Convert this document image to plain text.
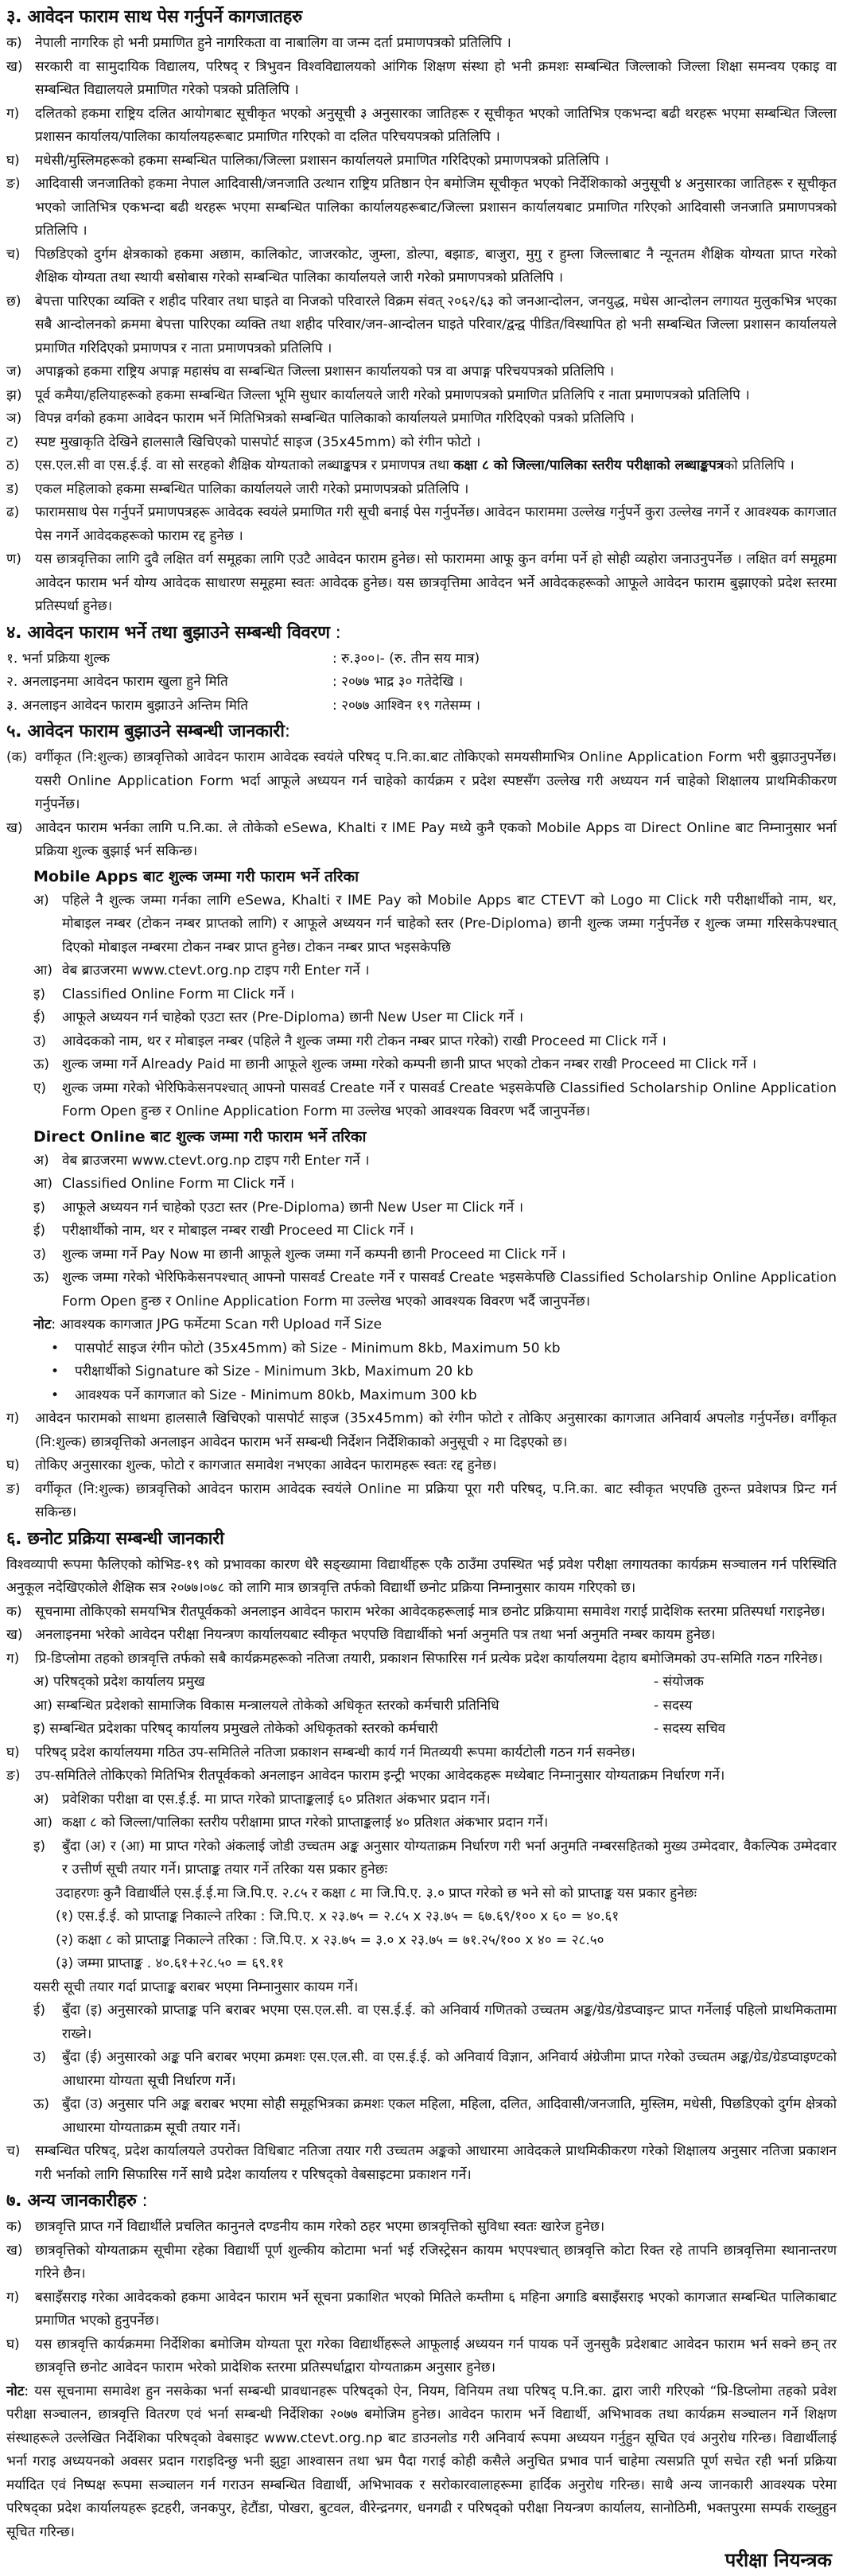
३. आवेदन फाराम साथ पेस गर्नुपर्ने कागजातहरु
क) नेपाली नागरिक हो भनी प्रमाणित हुने नागरिकता वा नाबालिग वा जन्म दर्ता प्रमाणपत्रको प्रतिलिपि ।
ख) सरकारी वा सामुदायिक विद्यालय, परिषद् र त्रिभुवन विश्वविद्यालयको आंगिक शिक्षण संस्था हो भनी क्रमशः सम्बन्धित जिल्लाको जिल्ला शिक्षा समन्वय एकाइ वा सम्बन्धित विद्यालयले प्रमाणित गरेको पत्रको प्रतिलिपि ।
ग)	दलितको हकमा राष्ट्रिय दलित आयोगबाट सूचीकृत भएको अनुसूची ३ अनुसारका जातिहरू र सूचीकृत भएको जातिभित्र एकभन्दा बढी थरहरू भएमा सम्बन्धित जिल्ला प्रशासन कार्यालय/पालिका कार्यालयहरूबाट प्रमाणित गरिएको वा दलित परिचयपत्रको प्रतिलिपि ।
घ)	मधेसी/मुस्लिमहरूको हकमा सम्बन्धित पालिका/जिल्ला प्रशासन कार्यालयले प्रमाणित गरिदिएको प्रमाणपत्रको प्रतिलिपि ।
ङ)	आदिवासी जनजातिको हकमा नेपाल आदिवासी/जनजाति उत्थान राष्ट्रिय प्रतिष्ठान ऐन बमोजिम सूचीकृत भएको निर्देशिकाको अनुसूची ४ अनुसारका जातिहरू र सूचीकृत भएको जातिभित्र एकभन्दा बढी थरहरू भएमा सम्बन्धित पालिका कार्यालयहरूबाट/जिल्ला प्रशासन कार्यालयबाट प्रमाणित गरिएको आदिवासी जनजाति प्रमाणपत्रको प्रतिलिपि ।
च)	पिछडिएको दुर्गम क्षेत्रकाको हकमा अछाम, कालिकोट, जाजरकोट, जुम्ला, डोल्पा, बझाङ, बाजुरा, मुगु र हुम्ला जिल्लाबाट नै न्यूनतम शैक्षिक योग्यता प्राप्त गरेको शैक्षिक योग्यता तथा स्थायी बसोबास गरेको सम्बन्धित पालिका कार्यालयले जारी गरेको प्रमाणपत्रको प्रतिलिपि ।
छ)	बेपत्ता पारिएका व्यक्ति र शहीद परिवार तथा घाइते वा निजको परिवारले विक्रम संवत् २०६२/६३ को जनआन्दोलन, जनयुद्ध, मधेस आन्दोलन लगायत मुलुकभित्र भएका सबै आन्दोलनको क्रममा बेपत्ता पारिएका व्यक्ति तथा शहीद परिवार/जन-आन्दोलन घाइते परिवार/द्वन्द्व पीडित/विस्थापित हो भनी सम्बन्धित जिल्ला प्रशासन कार्यालयले प्रमाणित गरिदिएको प्रमाणपत्र र नाता प्रमाणपत्रको प्रतिलिपि ।
ज) अपाङ्गको हकमा राष्ट्रिय अपाङ्ग महासंघ वा सम्बन्धित जिल्ला प्रशासन कार्यालयको पत्र वा अपाङ्ग परिचयपत्रको प्रतिलिपि ।
झ) पूर्व कमैया/हलियाहरूको हकमा सम्बन्धित जिल्ला भूमि सुधार कार्यालयले जारी गरेको प्रमाणपत्रको प्रमाणित प्रतिलिपि र नाता प्रमाणपत्रको प्रतिलिपि ।
ञ) विपन्न वर्गको हकमा आवेदन फाराम भर्ने मितिभित्रको सम्बन्धित पालिकाको कार्यालयले प्रमाणित गरिदिएको पत्रको प्रतिलिपि ।
ट)	स्पष्ट मुखाकृति देखिने हालसालै खिचिएको पासपोर्ट साइज (35x45mm) को रंगीन फोटो ।
ठ)	एस.एल.सी वा एस.ई.ई. वा सो सरहको शैक्षिक योग्यताको लब्धाङ्कपत्र र प्रमाणपत्र तथा कक्षा ८ को जिल्ला/पालिका स्तरीय परीक्षाको लब्धाङ्कपत्रको प्रतिलिपि ।
ड)	एकल महिलाको हकमा सम्बन्धित पालिका कार्यालयले जारी गरेको प्रमाणपत्रको प्रतिलिपि ।
ढ)	फारामसाथ पेस गर्नुपर्ने प्रमाणपत्रहरू आवेदक स्वयंले प्रमाणित गरी सूची बनाई पेस गर्नुपर्नेछ। आवेदन फाराममा उल्लेख गर्नुपर्ने कुरा उल्लेख नगर्ने र आवश्यक कागजात पेस नगर्ने आवेदकहरूको फाराम रद्द हुनेछ ।
ण)	यस छात्रवृत्तिका लागि दुवै लक्षित वर्ग समूहका लागि एउटै आवेदन फाराम हुनेछ। सो फाराममा आफू कुन वर्गमा पर्ने हो सोही व्यहोरा जनाउनुपर्नेछ । लक्षित वर्ग समूहमा आवेदन फाराम भर्न योग्य आवेदक साधारण समूहमा स्वतः आवेदक हुनेछ। यस छात्रवृत्तिमा आवेदन भर्ने आवेदकहरूको आफूले आवेदन फाराम बुझाएको प्रदेश स्तरमा प्रतिस्पर्धा हुनेछ।
४. आवेदन फाराम भर्ने तथा बुझाउने सम्बन्धी विवरण :
१. भर्ना प्रक्रिया शुल्क	: रु.३००।- (रु. तीन सय मात्र)
२. अनलाइनमा आवेदन फाराम खुला हुने मिति	: २०७७ भाद्र ३० गतेदेखि ।
३. अनलाइन आवेदन फाराम बुझाउने अन्तिम मिति	: २०७७ आश्विन १९ गतेसम्म ।
५. आवेदन फाराम बुझाउने सम्बन्धी जानकारी:
(क) वर्गीकृत (नि:शुल्क) छात्रवृत्तिको आवेदन फाराम आवेदक स्वयंले परिषद् प.नि.का.बाट तोकिएको समयसीमाभित्र Online Application Form भरी बुझाउनुपर्नेछ। यसरी Online Application Form भर्दा आफूले अध्ययन गर्न चाहेको कार्यक्रम र प्रदेश स्पष्टसँग उल्लेख गरी अध्ययन गर्न चाहेको शिक्षालय प्राथमिकीकरण गर्नुपर्नेछ।
ख) आवेदन फाराम भर्नका लागि प.नि.का. ले तोकेको eSewa, Khalti र IME Pay मध्ये कुनै एकको Mobile Apps वा Direct Online बाट निम्नानुसार भर्ना प्रक्रिया शुल्क बुझाई भर्न सकिन्छ।
Mobile Apps बाट शुल्क जम्मा गरी फाराम भर्ने तरिका
अ) पहिले नै शुल्क जम्मा गर्नका लागि eSewa, Khalti र IME Pay को Mobile Apps बाट CTEVT को Logo मा Click गरी परीक्षार्थीको नाम, थर, मोबाइल नम्बर (टोकन नम्बर प्राप्तको लागि) र आफूले अध्ययन गर्न चाहेको स्तर (Pre-Diploma) छानी शुल्क जम्मा गर्नुपर्नेछ र शुल्क जम्मा गरिसकेपश्चात् दिएको मोबाइल नम्बरमा टोकन नम्बर प्राप्त हुनेछ। टोकन नम्बर प्राप्त भइसकेपछि
आ) वेब ब्राउजरमा www.ctevt.org.np टाइप गरी Enter गर्ने ।
इ)	Classified Online Form मा Click गर्ने ।
ई)	आफूले अध्ययन गर्न चाहेको एउटा स्तर (Pre-Diploma) छानी New User मा Click गर्ने ।
उ)	आवेदकको नाम, थर र मोबाइल नम्बर (पहिले नै शुल्क जम्मा गरी टोकन नम्बर प्राप्त गरेको) राखी Proceed मा Click गर्ने ।
ऊ) शुल्क जम्मा गर्ने Already Paid मा छानी आफूले शुल्क जम्मा गरेको कम्पनी छानी प्राप्त भएको टोकन नम्बर राखी Proceed मा Click गर्ने ।
ए)	शुल्क जम्मा गरेको भेरिफिकेसनपश्चात् आफ्नो पासवर्ड Create गर्ने र पासवर्ड Create भइसकेपछि Classified Scholarship Online Application Form Open हुन्छ र Online Application Form मा उल्लेख भएको आवश्यक विवरण भर्दै जानुपर्नेछ।
Direct Online बाट शुल्क जम्मा गरी फाराम भर्ने तरिका
अ) वेब ब्राउजरमा www.ctevt.org.np टाइप गरी Enter गर्ने ।
आ) Classified Online Form मा Click गर्ने ।
इ)	आफूले अध्ययन गर्न चाहेको एउटा स्तर (Pre-Diploma) छानी New User मा Click गर्ने ।
ई)	परीक्षार्थीको नाम, थर र मोबाइल नम्बर राखी Proceed मा Click गर्ने ।
उ)	शुल्क जम्मा गर्ने Pay Now मा छानी आफूले शुल्क जम्मा गर्ने कम्पनी छानी Proceed मा Click गर्ने ।
ऊ) शुल्क जम्मा गरेको भेरिफिकेसनपश्चात् आफ्नो पासवर्ड Create गर्ने र पासवर्ड Create भइसकेपछि Classified Scholarship Online Application Form Open हुन्छ र Online Application Form मा उल्लेख भएको आवश्यक विवरण भर्दै जानुपर्नेछ।
नोट: आवश्यक कागजात JPG फर्मेटमा Scan गरी Upload गर्ने Size
•	पासपोर्ट साइज रंगीन फोटो (35x45mm) को Size - Minimum 8kb, Maximum 50 kb
•	परीक्षार्थीको Signature को Size - Minimum 3kb, Maximum 20 kb
•	आवश्यक पर्ने कागजात को Size - Minimum 80kb, Maximum 300 kb
ग)	आवेदन फारामको साथमा हालसालै खिचिएको पासपोर्ट साइज (35x45mm) को रंगीन फोटो र तोकिए अनुसारका कागजात अनिवार्य अपलोड गर्नुपर्नेछ। वर्गीकृत (नि:शुल्क) छात्रवृत्तिको अनलाइन आवेदन फाराम भर्ने सम्बन्धी निर्देशन निर्देशिकाको अनुसूची २ मा दिइएको छ।
घ)	तोकिए अनुसारका शुल्क, फोटो र कागजात समावेश नभएका आवेदन फारामहरू स्वतः रद्द हुनेछ।
ङ)	वर्गीकृत (नि:शुल्क) छात्रवृत्तिको आवेदन फाराम आवेदक स्वयंले Online मा प्रक्रिया पूरा गरी परिषद्, प.नि.का. बाट स्वीकृत भएपछि तुरुन्त प्रवेशपत्र प्रिन्ट गर्न सकिन्छ।
६. छनोट प्रक्रिया सम्बन्धी जानकारी

विश्वव्यापी रूपमा फैलिएको कोभिड-१९ को प्रभावका कारण धेरै सङ्ख्यामा विद्यार्थीहरू एकै ठाउँमा उपस्थित भई प्रवेश परीक्षा लगायतका कार्यक्रम सञ्चालन गर्न परिस्थिति अनुकूल नदेखिएकोले शैक्षिक सत्र २०७७।०७८ को लागि मात्र छात्रवृत्ति तर्फको विद्यार्थी छनोट प्रक्रिया निम्नानुसार कायम गरिएको छ।

क) सूचनामा तोकिएको समयभित्र रीतपूर्वकको अनलाइन आवेदन फाराम भरेका आवेदकहरूलाई मात्र छनोट प्रक्रियामा समावेश गराई प्रादेशिक स्तरमा प्रतिस्पर्धा गराइनेछ।
ख) अनलाइनमा भरेको आवेदन परीक्षा नियन्त्रण कार्यालयबाट स्वीकृत भएपछि विद्यार्थीको भर्ना अनुमति पत्र तथा भर्ना अनुमति नम्बर कायम हुनेछ।
ग)	प्रि-डिप्लोमा तहको छात्रवृत्ति तर्फको सबै कार्यक्रमहरूको नतिजा तयारी, प्रकाशन सिफारिस गर्न प्रत्येक प्रदेश कार्यालयमा देहाय बमोजिमको उप-समिति गठन गरिनेछ।
अ) परिषद्को प्रदेश कार्यालय प्रमुख	- संयोजक
आ) सम्बन्धित प्रदेशको सामाजिक विकास मन्त्रालयले तोकेको अधिकृत स्तरको कर्मचारी प्रतिनिधि	- सदस्य
इ) सम्बन्धित प्रदेशका परिषद् कार्यालय प्रमुखले तोकेको अधिकृतको स्तरको कर्मचारी	- सदस्य सचिव
घ)	परिषद् प्रदेश कार्यालयमा गठित उप-समितिले नतिजा प्रकाशन सम्बन्धी कार्य गर्न मितव्ययी रूपमा कार्यटोली गठन गर्न सक्नेछ।
ङ)	उप-समितिले तोकिएको मितिभित्र रीतपूर्वकको अनलाइन आवेदन फाराम इन्ट्री भएका आवेदकहरू मध्येबाट निम्नानुसार योग्यताक्रम निर्धारण गर्ने।
अ) प्रवेशिका परीक्षा वा एस.ई.ई. मा प्राप्त गरेको प्राप्ताङ्कलाई ६० प्रतिशत अंकभार प्रदान गर्ने।
आ) कक्षा ८ को जिल्ला/पालिका स्तरीय परीक्षामा प्राप्त गरेको प्राप्ताङ्कलाई ४० प्रतिशत अंकभार प्रदान गर्ने।
इ)	बुँदा (अ) र (आ) मा प्राप्त गरेको अंकलाई जोडी उच्चतम अङ्क अनुसार योग्यताक्रम निर्धारण गरी भर्ना अनुमति नम्बरसहितको मुख्य उम्मेदवार, वैकल्पिक उम्मेदवार र उत्तीर्ण सूची तयार गर्ने। प्राप्ताङ्क तयार गर्ने तरिका यस प्रकार हुनेछः
उदाहरणः कुनै विद्यार्थीले एस.ई.ई.मा जि.पि.ए. २.८५ र कक्षा ८ मा जि.पि.ए. ३.० प्राप्त गरेको छ भने सो को प्राप्ताङ्क यस प्रकार हुनेछः
(१) एस.ई.ई. को प्राप्ताङ्क निकाल्ने तरिका : जि.पि.ए. x २३.७५ = २.८५ x २३.७५ = ६७.६९/१०० x ६० = ४०.६१
(२) कक्षा ८ को प्राप्ताङ्क निकाल्ने तरिका : जि.पि.ए. x २३.७५ = ३.० x २३.७५ = ७१.२५/१०० x ४० = २८.५०
(३) जम्मा प्राप्ताङ्क . ४०.६१+२८.५० = ६९.११
यसरी सूची तयार गर्दा प्राप्ताङ्क बराबर भएमा निम्नानुसार कायम गर्ने।
ई)	बुँदा (इ) अनुसारको प्राप्ताङ्क पनि बराबर भएमा एस.एल.सी. वा एस.ई.ई. को अनिवार्य गणितको उच्चतम अङ्क/ग्रेड/ग्रेडप्वाइन्ट प्राप्त गर्नेलाई पहिलो प्राथमिकतामा राख्ने।
उ)	बुँदा (ई) अनुसारको अङ्क पनि बराबर भएमा क्रमशः एस.एल.सी. वा एस.ई.ई. को अनिवार्य विज्ञान, अनिवार्य अंग्रेजीमा प्राप्त गरेको उच्चतम अङ्क/ग्रेड/ग्रेडप्वाइण्टको आधारमा योग्यता सूची निर्धारण गर्ने।
ऊ) बुँदा (उ) अनुसार पनि अङ्क बराबर भएमा सोही समूहभित्रका क्रमशः एकल महिला, महिला, दलित, आदिवासी/जनजाति, मुस्लिम, मधेसी, पिछडिएको दुर्गम क्षेत्रको आधारमा योग्यताक्रम सूची तयार गर्ने।
च)	सम्बन्धित परिषद्, प्रदेश कार्यालयले उपरोक्त विधिबाट नतिजा तयार गरी उच्चतम अङ्कको आधारमा आवेदकले प्राथमिकीकरण गरेको शिक्षालय अनुसार नतिजा प्रकाशन गरी भर्नाको लागि सिफारिस गर्ने साथै प्रदेश कार्यालय र परिषद्को वेबसाइटमा प्रकाशन गर्ने।
७. अन्य जानकारीहरु :
क) छात्रवृत्ति प्राप्त गर्ने विद्यार्थीले प्रचलित कानुनले दण्डनीय काम गरेको ठहर भएमा छात्रवृत्तिको सुविधा स्वतः खारेज हुनेछ।
ख) छात्रवृत्तिको योग्यताक्रम सूचीमा रहेका विद्यार्थी पूर्ण शुल्कीय कोटामा भर्ना भई रजिस्ट्रेसन कायम भएपश्चात् छात्रवृत्ति कोटा रिक्त रहे तापनि छात्रवृत्तिमा स्थानान्तरण गरिने छैन।
ग)	बसाइँसराइ गरेका आवेदकको हकमा आवेदन फाराम भर्ने सूचना प्रकाशित भएको मितिले कम्तीमा ६ महिना अगाडि बसाइँसराइ भएको कागजात सम्बन्धित पालिकाबाट प्रमाणित भएको हुनुपर्नेछ।
घ)	यस छात्रवृत्ति कार्यक्रममा निर्देशिका बमोजिम योग्यता पूरा गरेका विद्यार्थीहरूले आफूलाई अध्ययन गर्न पायक पर्ने जुनसुकै प्रदेशबाट आवेदन फाराम भर्न सक्ने छन् तर छात्रवृत्ति छनोट आवेदन फाराम भरेको प्रादेशिक स्तरमा प्रतिस्पर्धाद्वारा योग्यताक्रम अनुसार हुनेछ।

नोट: यस सूचनामा समावेश हुन नसकेका भर्ना सम्बन्धी प्रावधानहरू परिषद्को ऐन, नियम, विनियम तथा परिषद् प.नि.का. द्वारा जारी गरिएको “प्रि-डिप्लोमा तहको प्रवेश परीक्षा सञ्चालन, छात्रवृत्ति वितरण एवं भर्ना सम्बन्धी निर्देशिका २०७७ बमोजिम हुनेछ। आवेदन फाराम भर्ने विद्यार्थी, अभिभावक तथा कार्यक्रम सञ्चालन गर्ने शिक्षण संस्थाहरूले उल्लेखित निर्देशिका परिषद्को वेबसाइट www.ctevt.org.np बाट डाउनलोड गरी अनिवार्य रूपमा अध्ययन गर्नुहुन सूचित एवं अनुरोध गरिन्छ। विद्यार्थीलाई भर्ना गराइ अध्ययनको अवसर प्रदान गराइदिन्छु भनी झुट्टा आश्वासन तथा भ्रम पैदा गराई कोही कसैले अनुचित प्रभाव पार्न चाहेमा त्यसप्रति पूर्ण सचेत रही भर्ना प्रक्रिया मर्यादित एवं निष्पक्ष रूपमा सञ्चालन गर्न गराउन सम्बन्धित विद्यार्थी, अभिभावक र सरोकारवालाहरूमा हार्दिक अनुरोध गरिन्छ। साथै अन्य जानकारी आवश्यक परेमा परिषद्का प्रदेश कार्यालयहरू इटहरी, जनकपुर, हेटौंडा, पोखरा, बुटवल, वीरेन्द्रनगर, धनगढी र परिषद्को परीक्षा नियन्त्रण कार्यालय, सानोठिमी, भक्तपुरमा सम्पर्क राख्नुहुन सूचित गरिन्छ।

परीक्षा नियन्त्रक
